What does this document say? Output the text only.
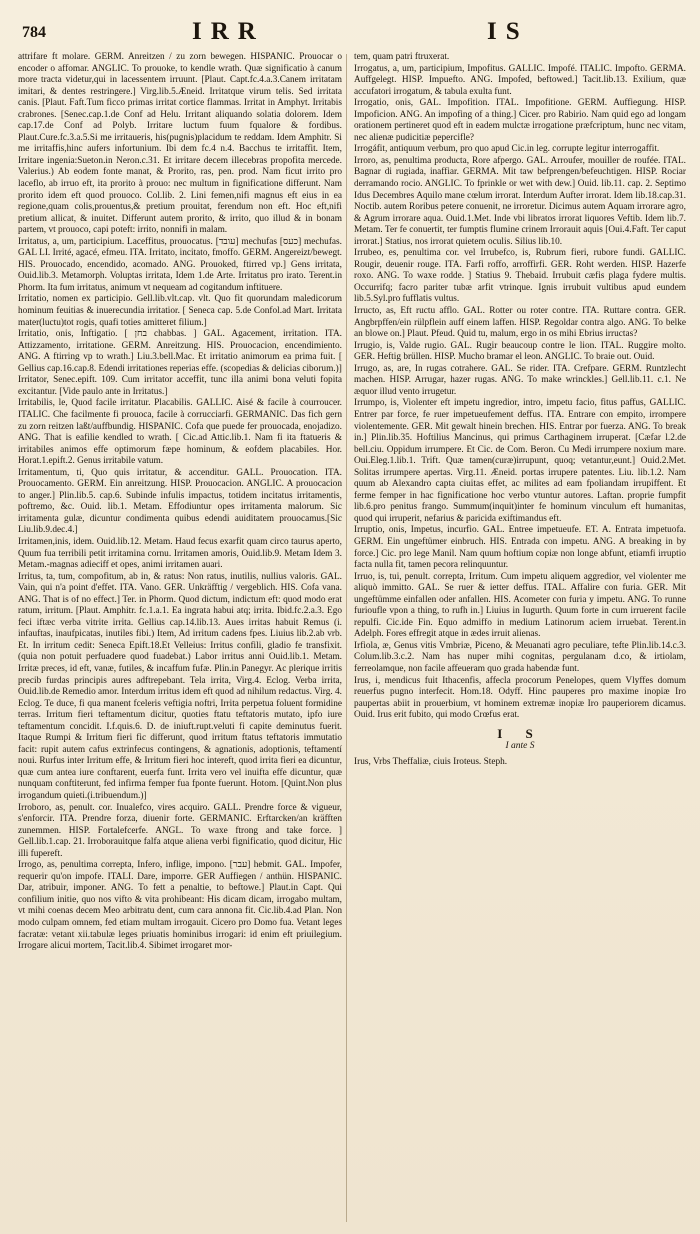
784	IRR	IS

attrifare ft molare. GERM. Anreitzen / zu zorn bewegen. HISPANIC. Prouocar o encoder o affomar. ANGLIC. To prouoke, to kendle wrath. Quæ significatio à canum more tracta videtur,qui in lacessentem irruunt. [Plaut. Capt.fc.4.a.3.Canem irritatam imitari, & dentes restringere.] Virg.lib.5.Æneid. Irritatque virum telis. Sed irritata canis. [Plaut. Faft.Tum ficco primas irritat cortice flammas. Irritat in Amphyt. Irritabis crabrones. [Senec.cap.1.de Conf ad Helu. Irritant aliquando solatia dolorem. Idem cap.17.de Conf ad Polyb. Irritare luctum fuum fqualore & fordibus. Plaut.Cure.fc.3.a.5.Si me irritaueris, his(pugnis)placidum te reddam. Idem Amphitr. Si me irritaffis,hinc aufers infortunium. Ibi dem fc.4 n.4. Bacchus te irritaffit. Item, Irritare ingenia:Sueton.in Neron.c.31. Et irritare decem illecebras propofita mercede. Valerius.) Ab eodem fonte manat, & Prorito, ras, pen. prod. Nam ficut irrito pro laceflo, ab irruo eft, ita prorito à prouo: nec multum in fignificatione differunt. Nam prorito idem eft quod prouoco. Col.lib. 2. Lini femen,nifi magnus eft eius in ea regione,quam colis,prouentus,& pretium prouitat, ferendum non eft. Hoc eft,nifi pretium allicat, & inuitet. Differunt autem prorito, & irrito, quo illud & in bonam partem, vt prouoco, capi poteft: irrito, nonnifi in malam.

Irritatus, a, um, participium. Laceffitus, prouocatus. [עובד] mechufas [כעס] mechufas. GAL LI. Irrité, agacé, efmeu. ITA. Irritato, incitato, fmoffo. GERM. Angereizt/bewegt. HIS. Prouocado, encendido, acomado. ANG. Prouoked, ftirred vp.] Gens irritata, Ouid.lib.3. Metamorph. Voluptas irritata, Idem 1.de Arte. Irritatus pro irato. Terent.in Phorm. Ita fum irritatus, animum vt nequeam ad cogitandum inftituere.

Irritatio, nomen ex participio. Gell.lib.vlt.cap. vlt. Quo fit quorundam maledicorum hominum feuitias & inuerecundia irritatior. [ Seneca cap. 5.de Confol.ad Mart. Irritata mater(luctu)tot rogis, quafi toties amitteret filium.]

Irritatio, onis, Inftigatio. [ בחן chabbas. ] GAL. Agacement, irritation. ITA. Attizzamento, irritatione. GERM. Anreitzung. HIS. Prouocacion, encendimiento. ANG. A ftirring vp to wrath.] Liu.3.bell.Mac. Et irritatio animorum ea prima fuit. [ Gellius cap.16.cap.8. Edendi irritationes reperias effe. (scopedias & delicias ciborum.)]

Irritator, Senec.epift. 109. Cum irritator acceffit, tunc illa animi bona veluti fopita excitantur. [Vide paulo ante in Irritatus.]

Irritabilis, le, Quod facile irritatur. Placabilis. GALLIC. Aisé & facile à courroucer. ITALIC. Che facilmente fi prouoca, facile à corrucciarfi. GERMANIC. Das fich gern zu zorn reitzen laßt/auffbundig. HISPANIC. Cofa que puede fer prouocada, enojadizo. ANG. That is eafilie kendled to wrath. [ Cic.ad Attic.lib.1. Nam fi ita ftatueris & irritabiles animos effe optimorum fæpe hominum, & eofdem placabiles. Hor. Horat.1.epift.2. Genus irritabile vatum.

Irritamentum, ti, Quo quis irritatur, & accenditur. GALL. Prouocation. ITA. Prouocamento. GERM. Ein anreitzung. HISP. Prouocacion. ANGLIC. A prouocacion to anger.] Plin.lib.5. cap.6. Subinde infulis impactus, totidem incitatus irritamentis, poftremo, &c. Ouid. lib.1. Metam. Effodiuntur opes irritamenta malorum. Sic irritamenta gulæ, dicuntur condimenta quibus edendi auiditatem prouocamus.[Sic Liu.lib.9.dec.4.]

Irritamen,inis, idem. Ouid.lib.12. Metam. Haud fecus exarfit quam circo taurus aperto, Quum fua terribili petit irritamina cornu. Irritamen amoris, Ouid.lib.9. Metam Idem 3. Metam.-magnas adieciff et opes, animi irritamen auari.

Irritus, ta, tum, compofitum, ab in, & ratus: Non ratus, inutilis, nullius valoris. GAL. Vain, qui n'a point d'effet. ITA. Vano. GER. Unkräfftig / vergeblich. HIS. Cofa vana. ANG. That is of no effect.] Ter. in Phorm. Quod dictum, indictum eft: quod modo erat ratum, irritum. [Plaut. Amphitr. fc.1.a.1. Ea ingrata habui atq; irrita. Ibid.fc.2.a.3. Ego feci iftæc verba vitrite irrita. Gellius cap.14.lib.13. Aues irritas habuit Remus (i. infauftas, inaufpicatas, inutiles fibi.) Item, Ad irritum cadens fpes. Liuius lib.2.ab vrb. Et. In irritum cedit: Seneca Epift.18.Et Velleius: Irritus confili, gladio fe transfixit. (quia non potuit perfuadere quod fuadebat.) Labor irritus anni Ouid.lib.1. Metam. Irritæ preces, id eft, vanæ, futiles, & incaffum fufæ. Plin.in Panegyr. Ac plerique irritis precib furdas principis aures adftrepebant. Tela irrita, Virg.4. Eclog. Verba irrita, Ouid.lib.de Remedio amor. Interdum irritus idem eft quod ad nihilum redactus. Virg. 4. Eclog. Te duce, fi qua manent fceleris veftigia noftri, Irrita perpetua foluent formidine terras. Irritum fieri teftamentum dicitur, quoties ftatu teftatoris mutato, ipfo iure teftamentum concidit. I.f.quis.6. D. de iniuft.rupt.veluti fi capite deminutus fuerit. Itaque Rumpi & Irritum fieri fic differunt, quod irritum ftatus teftatoris immutatio facit: rupit autem cafus extrinfecus contingens, & agnationis, adoptionis, teftamentí noui. Rurfus inter Irritum effe, & Irritum fieri hoc intereft, quod irrita fieri ea dicuntur, quæ cum antea iure conftarent, euerfa funt. Irrita vero vel inuifta effe dicuntur, quæ nunquam conftiterunt, fed infirma femper fua fponte fuerunt. Hotom. [Quint.Non plus irrogandum quieti.(i.tribuendum.)]

Irroboro, as, penult. cor. Inualefco, vires acquiro. GALL. Prendre force & vigueur, s'enforcir. ITA. Prendre forza, diuenir forte. GERMANIC. Erftarcken/an kräfften zunemmen. HISP. Fortalefcerfe. ANGL. To waxe ftrong and take force. ] Gell.lib.1.cap. 21. Irroborauitque falfa atque aliena verbi fignificatio, quod dicitur, Hic illi fupereft.

Irrogo, as, penultima correpta, Infero, inflige, impono. [עבר] hebmit. GAL. Impofer, requerir qu'on impofe. ITALI. Dare, imporre. GER Auffiegen / anthün. HISPANIC. Dar, atribuir, imponer. ANG. To fett a penaltie, to beftowe.] Plaut.in Capt. Qui confilium initie, quo nos vifto & vita prohibeant: His dicam dicam, irrogabo multam, vt mihi coenas decem Meo arbitratu dent, cum cara annona fit. Cic.lib.4.ad Plan. Non modo culpam omnem, fed etiam multam irrogauit. Cicero pro Domo fua. Vetant leges facratæ: vetant xii.tabulæ leges priuatis hominibus irrogari: id enim eft priuilegium. Irrogare alicui mortem, Tacit.lib.4. Sibimet irrogaret mor-

tem, quam patri ftruxerat.

Irrogatus, a, um, participium, Impofitus. GALLIC. Impofé. ITALIC. Impofto. GERMA. Auffgelegt. HISP. Impuefto. ANG. Impofed, beftowed.] Tacit.lib.13. Exilium, quæ accufatori irrogatum, & tabula exulta funt.

Irrogatio, onis, GAL. Impofition. ITAL. Impofitione. GERM. Auffiegung. HISP. Impoficion. ANG. An impofing of a thing.] Cicer. pro Rabirio. Nam quid ego ad longam orationem pertineret quod eft in eadem mulctæ irrogatione præfcriptum, hunc nec vitam, nec alienæ pudicitiæ pepercifle?

Irrogáfit, antiquum verbum, pro quo apud Cic.in leg. corrupte legitur interrogaffit.

Irroro, as, penultima producta, Rore afpergo. GAL. Arroufer, mouiller de roufée. ITAL. Bagnar di rugiada, inaffiar. GERMA. Mit taw befprengen/befeuchtigen. HISP. Rociar derramando rocio. ANGLIC. To fprinkle or wet with dew.] Ouid. lib.11. cap. 2. Septimo Idus Decembres Aquilo mane cœlum irrorat. Interdum Aufter irrorat. Idem lib.18.cap.31. Noctib. autem Roribus petere conuenit, ne irroretur. Dicimus autem Aquam irrorare agro, & Agrum irrorare aqua. Ouid.1.Met. Inde vbi libratos irrorat liquores Veftib. Idem lib.7. Metam. Ter fe conuertit, ter fumptis flumine crinem Irrorauit aquis [Oui.4.Faft. Ter caput irrorat.] Statius, nos irrorat quietem oculis. Silius lib.10.

Irrubeo, es, penultima cor. vel Irrubefco, is, Rubrum fieri, rubore fundi. GALLIC. Rougir, deuenir rouge. ITA. Farfi roffo, arroffirfi. GER. Roht werden. HISP. Hazerfe roxo. ANG. To waxe rodde. ] Statius 9. Thebaid. Irrubuit cæfis plaga fydere multis. Occurrifq; facro pariter tubæ arfit vtrinque. Ignis irrubuit vultibus apud eundem lib.5.Syl.pro fufflatis vultus.

Irructo, as, Eft ructu afflo. GAL. Rotter ou roter contre. ITA. Ruttare contra. GER. Angbrpffen/ein rülpflein auff einem laffen. HISP. Regoldar contra algo. ANG. To belke an blowe on.] Plaut. Pfeud. Quid tu, malum, ergo in os mihi Ebrius irructas?

Irrugio, is, Valde rugio. GAL. Rugir beaucoup contre le lion. ITAL. Ruggire molto. GER. Heftig brüllen. HISP. Mucho bramar el leon. ANGLIC. To braie out. Ouid.

Irrugo, as, are, In rugas cotrahere. GAL. Se rider. ITA. Crefpare. GERM. Runtzlecht machen. HISP. Arrugar, hazer rugas. ANG. To make wrinckles.] Gell.lib.11. c.1. Ne æquor illud vento irrugetur.

Irrumpo, is, Violenter eft impetu ingredior, intro, impetu facio, fitus paffus, GALLIC. Entrer par force, fe ruer impetueufement deffus. ITA. Entrare con empito, irrompere violentemente. GER. Mit gewalt hinein brechen. HIS. Entrar por fuerza. ANG. To break in.] Plin.lib.35. Hoftilius Mancinus, qui primus Carthaginem irruperat. [Cæfar l.2.de bell.ciu. Oppidum irrumpere. Et Cic. de Com. Beron. Cu Medi irrumpere noxium mare. Oui.Eleg.1.lib.1. Trift. Quæ tamen(curæ)irrupunt, quoq; vetantur,eunt.] Ouid.2.Met. Solitas irrumpere apertas. Virg.11. Æneid. portas irrupere patentes. Liu. lib.1.2. Nam quum ab Alexandro capta ciuitas effet, ac milites ad eam fpoliandam irrupiffent. Et ferme femper in hac fignificatione hoc verbo vtuntur autores. Laftan. proprie fumpfit lib.6.pro penitus frango. Summum(inquit)inter fe hominum vinculum eft humanitas, quod qui irruperit, nefarius & paricida exiftimandus eft.

Irruptio, onis, Impetus, incurfio. GAL. Entree impetueufe. ET. A. Entrata impetuofa. GERM. Ein ungeftümer einbruch. HIS. Entrada con impetu. ANG. A breaking in by force.] Cic. pro lege Manil. Nam quum hoftium copiæ non longe abfunt, etiamfi irruptio facta nulla fit, tamen pecora relinquuntur.

Irruo, is, tui, penult. correpta, Irritum. Cum impetu aliquem aggredior, vel violenter me aliquò immitto. GAL. Se ruer & ietter deffus. ITAL. Affalire con furia. GER. Mit ungeftümme einfallen oder anfallen. HIS. Acometer con furia y impetu. ANG. To runne furioufle vpon a thing, to rufh in.] Liuius in Iugurth. Quum forte in cum irruerent facile repulfi. Cic.ide Fin. Equo admiffo in medium Latinorum aciem irruebat. Terent.in Adelph. Fores effregit atque in ædes irruit alienas.

Irfiola, æ, Genus vitis Vmbriæ, Piceno, & Meuanati agro peculiare, tefte Plin.lib.14.c.3. Colum.lib.3.c.2. Nam has nuper mihi cognitas, pergulanam d.co, & irtiolam, ferreolamque, non facile affeueram quo grada habendæ funt.

Irus, i, mendicus fuit Ithacenfis, affecla procorum Penelopes, quem Vlyffes domum reuerfus pugno interfecit. Hom.18. Odyff. Hinc pauperes pro maxime inopiæ Iro paupertas abiit in prouerbium, vt hominem extremæ inopiæ Iro pauperiorem dicamus. Ouid. Irus erit fubito, qui modo Crœfus erat.

I S
I ante S

Irus, Vrbs Theffaliæ, ciuis Iroteus. Steph.
